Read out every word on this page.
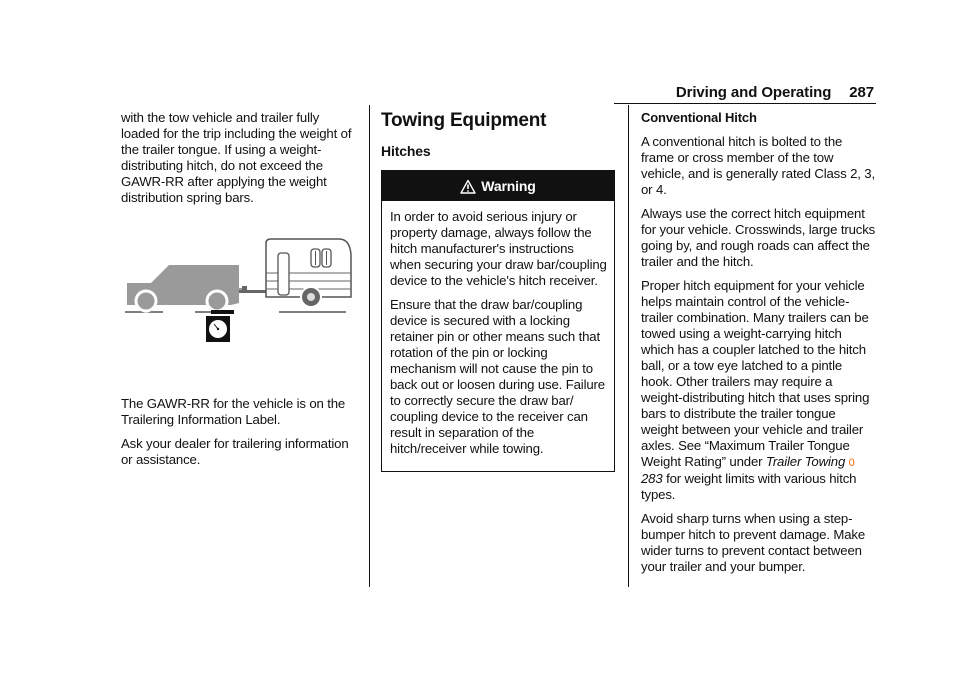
Driving and Operating 287

with the tow vehicle and trailer fully loaded for the trip including the weight of the trailer tongue. If using a weight-distributing hitch, do not exceed the GAWR-RR after applying the weight distribution spring bars.

The GAWR-RR for the vehicle is on the Trailering Information Label.

Ask your dealer for trailering information or assistance.

Towing Equipment
Hitches
Warning

In order to avoid serious injury or property damage, always follow the hitch manufacturer's instructions when securing your draw bar/coupling device to the vehicle's hitch receiver.

Ensure that the draw bar/coupling device is secured with a locking retainer pin or other means such that rotation of the pin or locking mechanism will not cause the pin to back out or loosen during use. Failure to correctly secure the draw bar/ coupling device to the receiver can result in separation of the hitch/receiver while towing.

Conventional Hitch

A conventional hitch is bolted to the frame or cross member of the tow vehicle, and is generally rated Class 2, 3, or 4.

Always use the correct hitch equipment for your vehicle. Crosswinds, large trucks going by, and rough roads can affect the trailer and the hitch.

Proper hitch equipment for your vehicle helps maintain control of the vehicle-trailer combination. Many trailers can be towed using a weight-carrying hitch which has a coupler latched to the hitch ball, or a tow eye latched to a pintle hook. Other trailers may require a weight-distributing hitch that uses spring bars to distribute the trailer tongue weight between your vehicle and trailer axles. See “Maximum Trailer Tongue Weight Rating” under Trailer Towing 0 283 for weight limits with various hitch types.

Avoid sharp turns when using a step-bumper hitch to prevent damage. Make wider turns to prevent contact between your trailer and your bumper.
